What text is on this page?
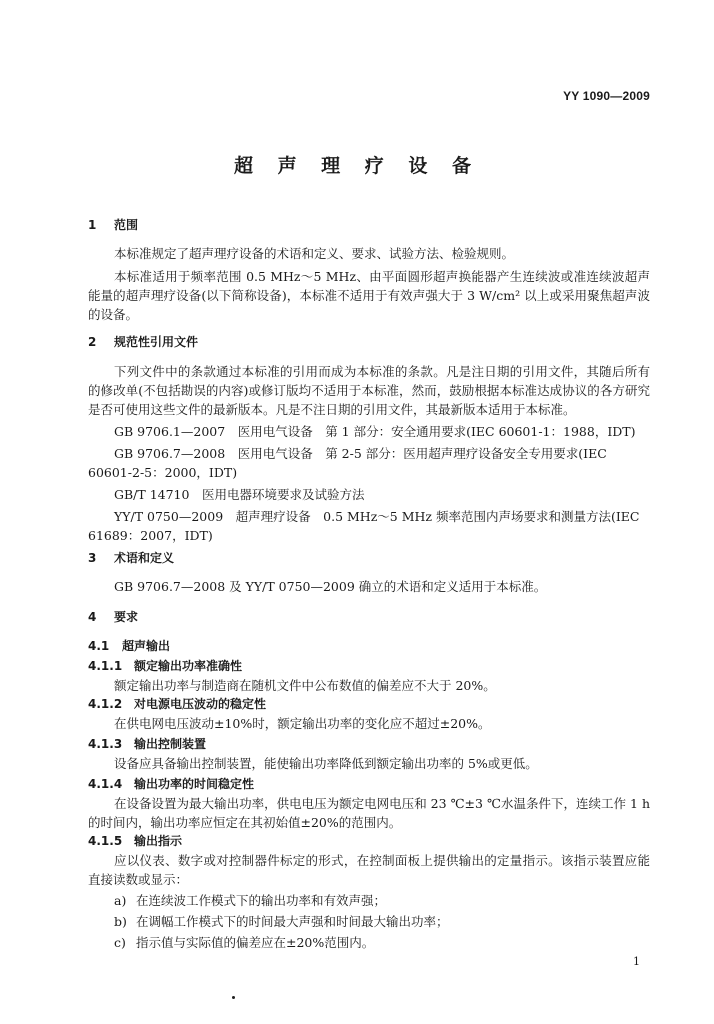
YY 1090—2009
超 声 理 疗 设 备
1 范围
本标准规定了超声理疗设备的术语和定义、要求、试验方法、检验规则。
本标准适用于频率范围 0.5 MHz～5 MHz、由平面圆形超声换能器产生连续波或准连续波超声能量的超声理疗设备(以下简称设备)，本标准不适用于有效声强大于 3 W/cm² 以上或采用聚焦超声波的设备。
2 规范性引用文件
下列文件中的条款通过本标准的引用而成为本标准的条款。凡是注日期的引用文件，其随后所有的修改单(不包括勘误的内容)或修订版均不适用于本标准，然而，鼓励根据本标准达成协议的各方研究是否可使用这些文件的最新版本。凡是不注日期的引用文件，其最新版本适用于本标准。
GB 9706.1—2007　医用电气设备　第 1 部分：安全通用要求(IEC 60601-1：1988，IDT)
GB 9706.7—2008　医用电气设备　第 2-5 部分：医用超声理疗设备安全专用要求(IEC 60601-2-5：2000，IDT)
GB/T 14710　医用电器环境要求及试验方法
YY/T 0750—2009　超声理疗设备　0.5 MHz～5 MHz 频率范围内声场要求和测量方法(IEC 61689：2007，IDT)
3 术语和定义
GB 9706.7—2008 及 YY/T 0750—2009 确立的术语和定义适用于本标准。
4 要求
4.1 超声输出
4.1.1 额定输出功率准确性
额定输出功率与制造商在随机文件中公布数值的偏差应不大于 20%。
4.1.2 对电源电压波动的稳定性
在供电网电压波动±10%时，额定输出功率的变化应不超过±20%。
4.1.3 输出控制装置
设备应具备输出控制装置，能使输出功率降低到额定输出功率的 5%或更低。
4.1.4 输出功率的时间稳定性
在设备设置为最大输出功率，供电电压为额定电网电压和 23 ℃±3 ℃水温条件下，连续工作 1 h 的时间内，输出功率应恒定在其初始值±20%的范围内。
4.1.5 输出指示
应以仪表、数字或对控制器件标定的形式，在控制面板上提供输出的定量指示。该指示装置应能直接读数或显示：
a) 在连续波工作模式下的输出功率和有效声强；
b) 在调幅工作模式下的时间最大声强和时间最大输出功率；
c) 指示值与实际值的偏差应在±20%范围内。
1
